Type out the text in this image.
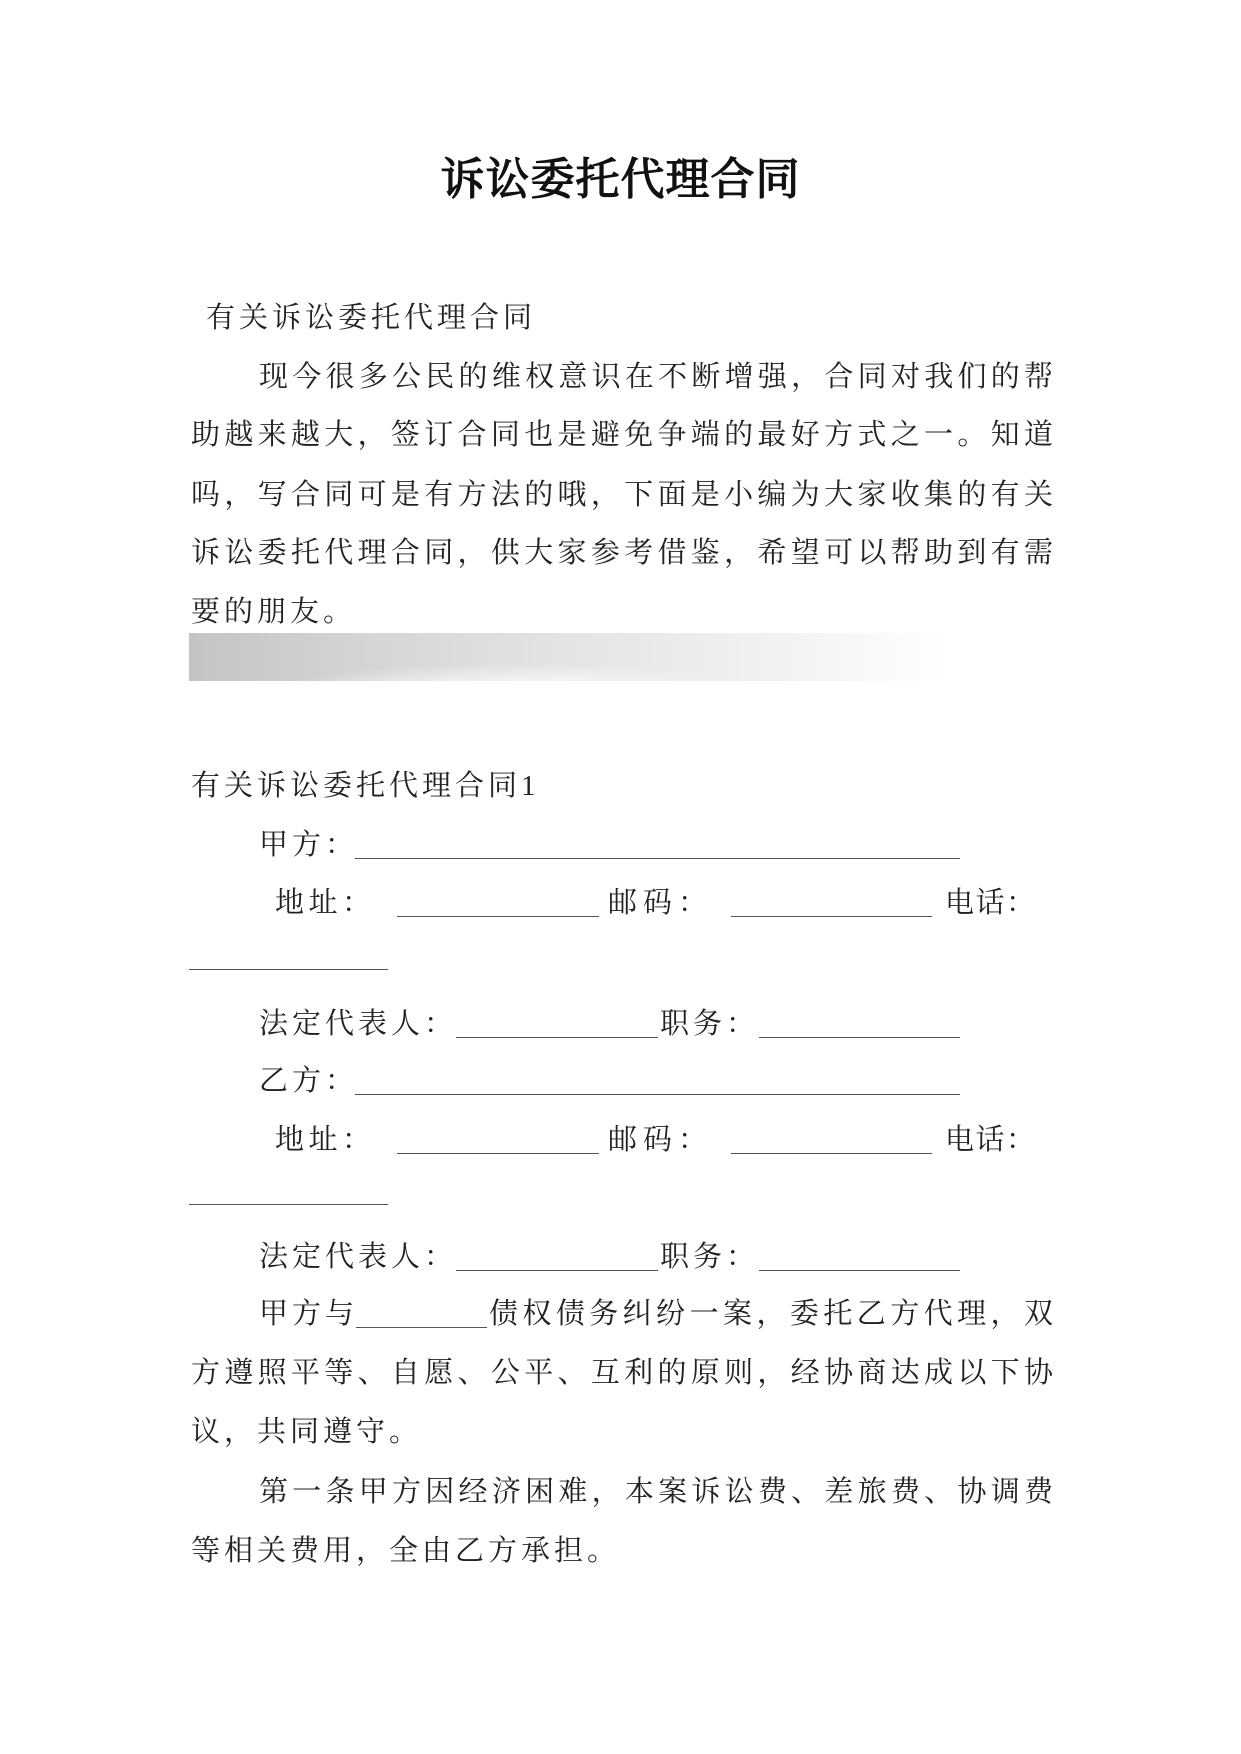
诉讼委托代理合同
有关诉讼委托代理合同
现今很多公民的维权意识在不断增强，合同对我们的帮
助越来越大，签订合同也是避免争端的最好方式之一。知道
吗，写合同可是有方法的哦，下面是小编为大家收集的有关
诉讼委托代理合同，供大家参考借鉴，希望可以帮助到有需
要的朋友。
有关诉讼委托代理合同1
甲方：
地址：	邮码：	电话：
法定代表人：	职务：
乙方：
地址：	邮码：	电话：
法定代表人：	职务：
甲方与	债权债务纠纷一案，委托乙方代理，双
方遵照平等、自愿、公平、互利的原则，经协商达成以下协
议，共同遵守。
第一条甲方因经济困难，本案诉讼费、差旅费、协调费
等相关费用，全由乙方承担。
